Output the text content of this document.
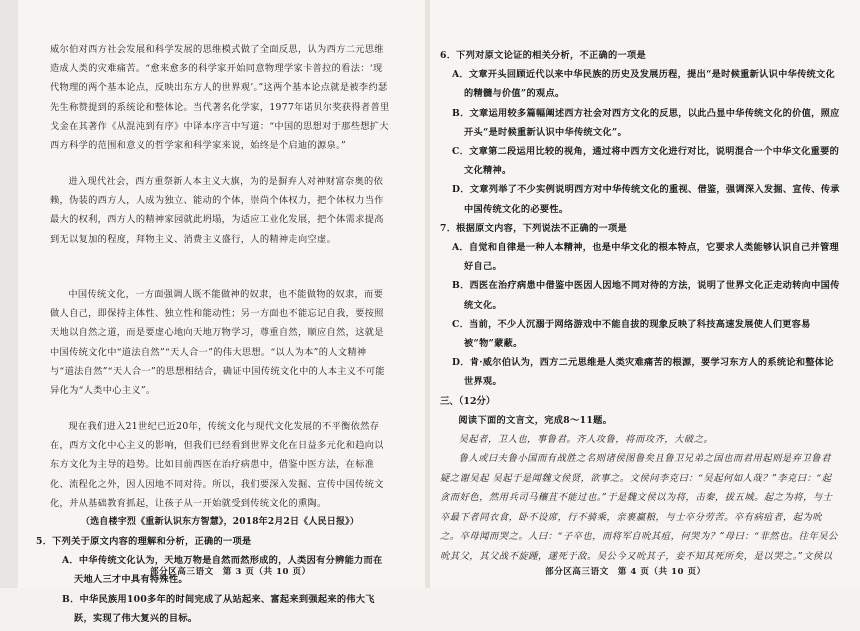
威尔伯对西方社会发展和科学发展的思维模式做了全面反思，认为西方二元思维造成人类的灾难痛苦。“愈来愈多的科学家开始同意物理学家卡普拉的看法：‘现代物理的两个基本论点，反映出东方人的世界观’。”这两个基本论点就是被李约瑟先生称赞提到的系统论和整体论。当代著名化学家，1977年诺贝尔奖获得者普里戈金在其著作《从混沌到有序》中译本序言中写道：“中国的思想对于那些想扩大西方科学的范围和意义的哲学家和科学家来说，始终是个启迪的源泉。”

进入现代社会，西方重祭新人本主义大旗，为的是摒弃人对神财富奈奥的依赖，伪装的西方人，人成为独立、能动的个体，崇尚个体权力，把个体权力当作最大的权利，西方人的精神家园就此坍塌，为适应工业化发展，把个体需求提高到无以复加的程度，拜物主义、消费主义盛行，人的精神走向空虚。

中国传统文化，一方面强调人既不能做神的奴隶，也不能做物的奴隶，而要做人自己，即保持主体性、独立性和能动性；另一方面也不能忘记自我，要按照天地以自然之道，而是要虚心地向天地万物学习，尊重自然，顺应自然，这就是中国传统文化中“道法自然”“天人合一”的伟大思想。“以人为本”的人文精神与“道法自然”“天人合一”的思想相结合，确证中国传统文化中的人本主义不可能异化为“人类中心主义”。

现在我们进入21世纪已近20年，传统文化与现代文化发展的不平衡依然存在，西方文化中心主义的影响，但我们已经看到世界文化在日益多元化和趋向以东方文化为主导的趋势。比如目前西医在治疗病患中，借鉴中医方法，在标准化、流程化之外，因人因地不同对待。所以，我们要深入发掘、宣传中国传统文化，并从基础教育抓起，让孩子从一开始就受到传统文化的熏陶。

（选自楼宇烈《重新认识东方智慧》，2018年2月2日《人民日报》）

5．下列关于原文内容的理解和分析，正确的一项是

A．中华传统文化认为，天地万物是自然而然形成的，人类因有分辨能力而在天地人三才中具有特殊性。

B．中华民族用100多年的时间完成了从站起来、富起来到强起来的伟大飞跃，实现了伟大复兴的目标。

部分区高三语文　第 3 页（共 10 页）

6．下列对原文论证的相关分析，不正确的一项是

A．文章开头回顾近代以来中华民族的历史及发展历程，提出“是时候重新认识中华传统文化的精髓与价值”的观点。

B．文章运用较多篇幅阐述西方社会对西方文化的反思，以此凸显中华传统文化的价值，照应开头“是时候重新认识中华传统文化”。

C．文章第二段运用比较的视角，通过将中西方文化进行对比，说明混合一个中华文化重要的文化精神。

D．文章列举了不少实例说明西方对中华传统文化的重视、借鉴，强调深入发掘、宣传、传承中国传统文化的必要性。

7．根据原文内容，下列说法不正确的一项是

A．自觉和自律是一种人本精神，也是中华文化的根本特点，它要求人类能够认识自己并管理好自己。

B．西医在治疗病患中借鉴中医因人因地不同对待的方法，说明了世界文化正走动转向中国传统文化。

C．当前，不少人沉溺于网络游戏中不能自拔的现象反映了科技高速发展使人们更容易被“物”蒙蔽。

D．肯·威尔伯认为，西方二元思维是人类灾难痛苦的根源，要学习东方人的系统论和整体论世界观。

三、（12分）

阅读下面的文言文，完成8～11题。

吴起者，卫人也，事鲁君。齐人攻鲁，将而攻齐，大破之。

鲁人或曰夫鲁小国而有战胜之名则诸侯图鲁矣且鲁卫兄弟之国也而君用起则是弃卫鲁君疑之谢吴起 吴起于是闻魏文侯贤，欲事之。文侯问李克曰：“吴起何如人哉？”李克曰：“起贪而好色，然用兵司马穰苴不能过也。”于是魏文侯以为将，击秦，拔五城。起之为将，与士卒最下者同衣食，卧不设席，行不骑乘，亲裹赢粮，与士卒分劳苦。卒有病疽者，起为吮之。卒母闻而哭之。人曰：“子卒也，而将军自吮其疽，何哭为？”母曰：“非然也。往年吴公吮其父，其父战不旋踵，遂死于敌。吴公今又吮其子，妾不知其死所矣，是以哭之。”文侯以

部分区高三语文　第 4 页（共 10 页）
